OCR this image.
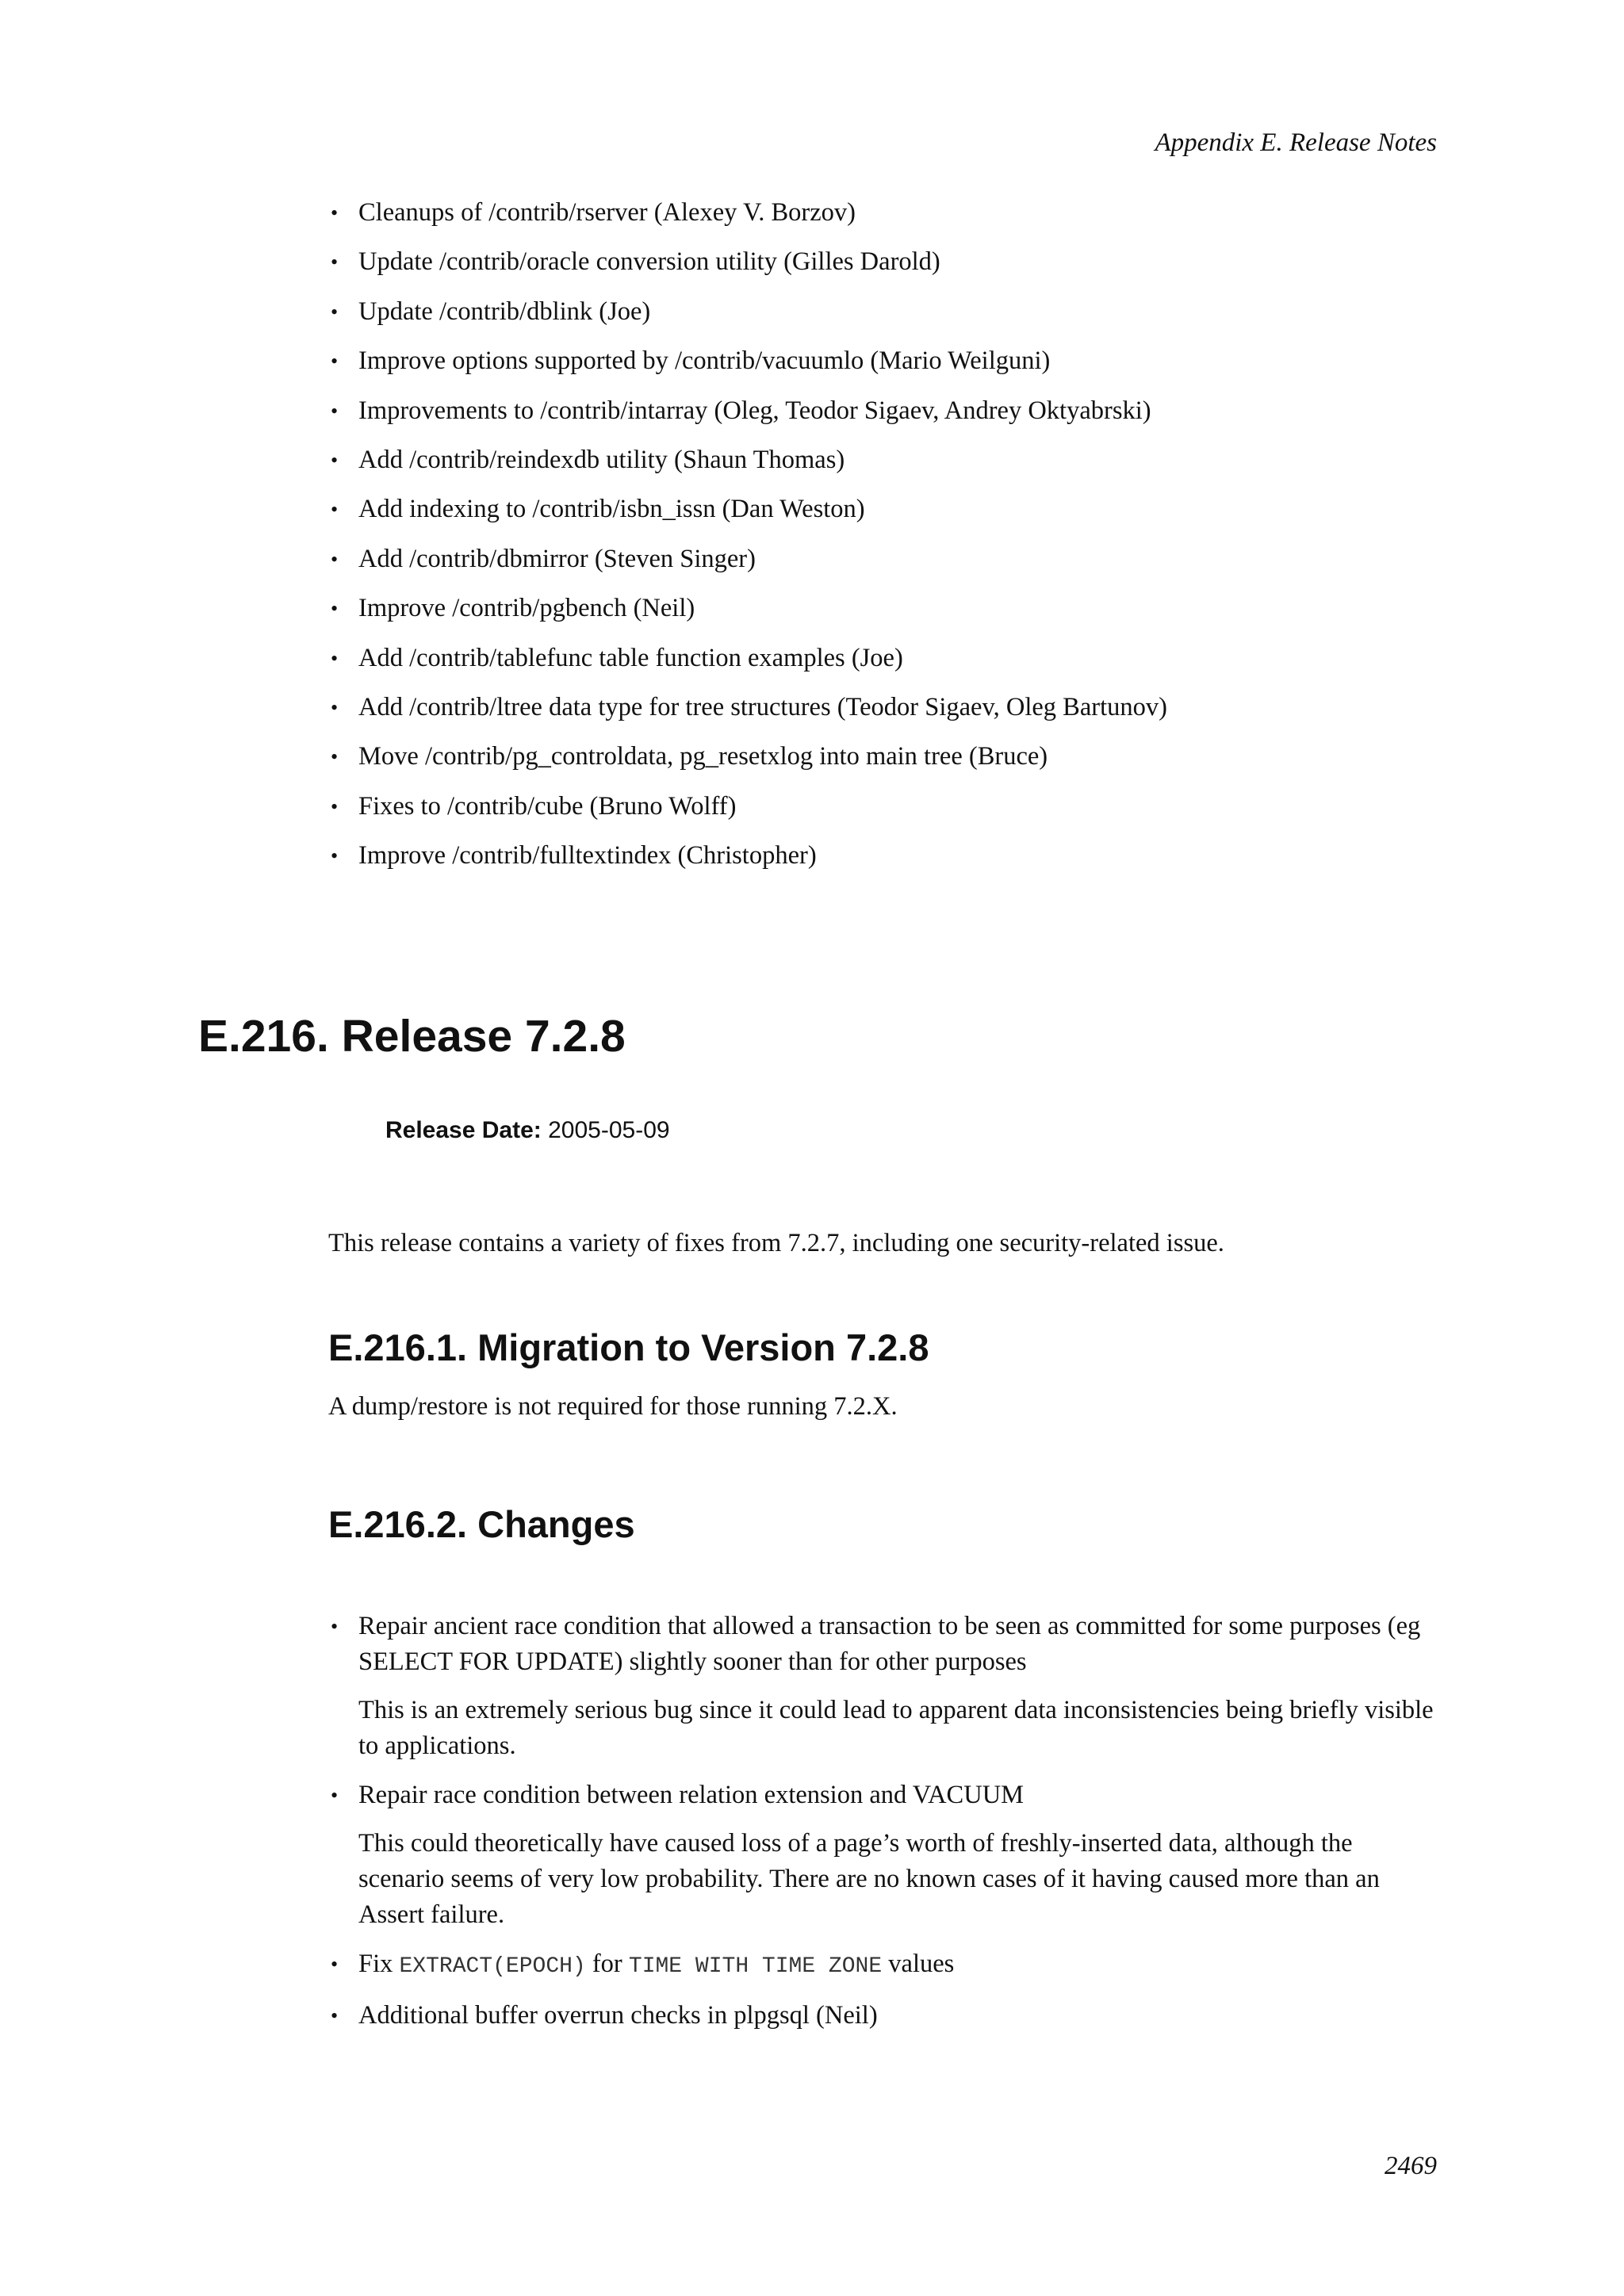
Appendix E. Release Notes
• Cleanups of /contrib/rserver (Alexey V. Borzov)
• Update /contrib/oracle conversion utility (Gilles Darold)
• Update /contrib/dblink (Joe)
• Improve options supported by /contrib/vacuumlo (Mario Weilguni)
• Improvements to /contrib/intarray (Oleg, Teodor Sigaev, Andrey Oktyabrski)
• Add /contrib/reindexdb utility (Shaun Thomas)
• Add indexing to /contrib/isbn_issn (Dan Weston)
• Add /contrib/dbmirror (Steven Singer)
• Improve /contrib/pgbench (Neil)
• Add /contrib/tablefunc table function examples (Joe)
• Add /contrib/ltree data type for tree structures (Teodor Sigaev, Oleg Bartunov)
• Move /contrib/pg_controldata, pg_resetxlog into main tree (Bruce)
• Fixes to /contrib/cube (Bruno Wolff)
• Improve /contrib/fulltextindex (Christopher)
E.216. Release 7.2.8
Release Date: 2005-05-09

This release contains a variety of fixes from 7.2.7, including one security-related issue.

E.216.1. Migration to Version 7.2.8

A dump/restore is not required for those running 7.2.X.

E.216.2. Changes
• Repair ancient race condition that allowed a transaction to be seen as committed for some purposes (eg SELECT FOR UPDATE) slightly sooner than for other purposes
This is an extremely serious bug since it could lead to apparent data inconsistencies being briefly visible to applications.
• Repair race condition between relation extension and VACUUM
This could theoretically have caused loss of a page’s worth of freshly-inserted data, although the scenario seems of very low probability. There are no known cases of it having caused more than an Assert failure.
• Fix EXTRACT(EPOCH) for TIME WITH TIME ZONE values
• Additional buffer overrun checks in plpgsql (Neil)
2469
